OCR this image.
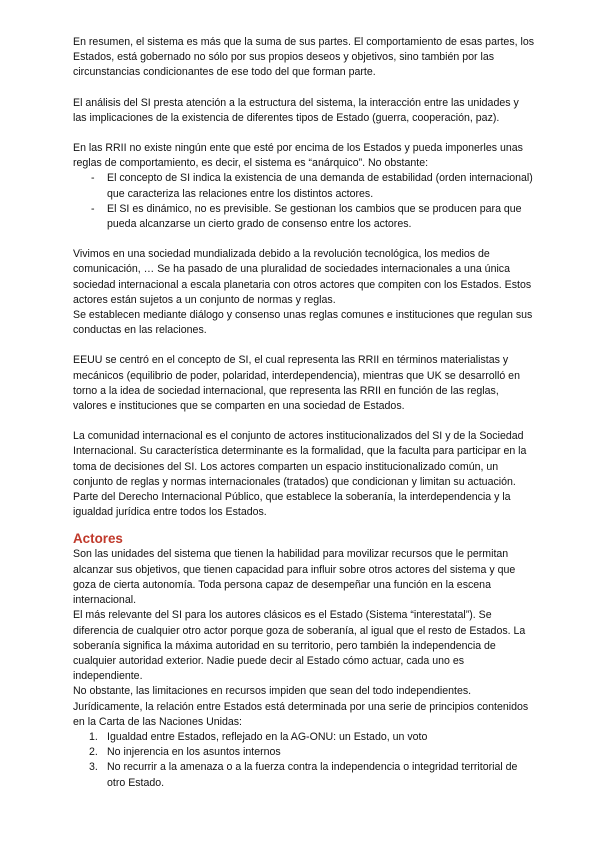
En resumen, el sistema es más que la suma de sus partes. El comportamiento de esas partes, los Estados, está gobernado no sólo por sus propios deseos y objetivos, sino también por las circunstancias condicionantes de ese todo del que forman parte.

El análisis del SI presta atención a la estructura del sistema, la interacción entre las unidades y las implicaciones de la existencia de diferentes tipos de Estado (guerra, cooperación, paz).

En las RRII no existe ningún ente que esté por encima de los Estados y pueda imponerles unas reglas de comportamiento, es decir, el sistema es “anárquico”. No obstante:

- El concepto de SI indica la existencia de una demanda de estabilidad (orden internacional) que caracteriza las relaciones entre los distintos actores.
- El SI es dinámico, no es previsible. Se gestionan los cambios que se producen para que pueda alcanzarse un cierto grado de consenso entre los actores.

Vivimos en una sociedad mundializada debido a la revolución tecnológica, los medios de comunicación, … Se ha pasado de una pluralidad de sociedades internacionales a una única sociedad internacional a escala planetaria con otros actores que compiten con los Estados. Estos actores están sujetos a un conjunto de normas y reglas.

Se establecen mediante diálogo y consenso unas reglas comunes e instituciones que regulan sus conductas en las relaciones.

EEUU se centró en el concepto de SI, el cual representa las RRII en términos materialistas y mecánicos (equilibrio de poder, polaridad, interdependencia), mientras que UK se desarrolló en torno a la idea de sociedad internacional, que representa las RRII en función de las reglas, valores e instituciones que se comparten en una sociedad de Estados.

La comunidad internacional es el conjunto de actores institucionalizados del SI y de la Sociedad Internacional. Su característica determinante es la formalidad, que la faculta para participar en la toma de decisiones del SI. Los actores comparten un espacio institucionalizado común, un conjunto de reglas y normas internacionales (tratados) que condicionan y limitan su actuación. Parte del Derecho Internacional Público, que establece la soberanía, la interdependencia y la igualdad jurídica entre todos los Estados.

Actores

Son las unidades del sistema que tienen la habilidad para movilizar recursos que le permitan alcanzar sus objetivos, que tienen capacidad para influir sobre otros actores del sistema y que goza de cierta autonomía. Toda persona capaz de desempeñar una función en la escena internacional.

El más relevante del SI para los autores clásicos es el Estado (Sistema “interestatal”). Se diferencia de cualquier otro actor porque goza de soberanía, al igual que el resto de Estados. La soberanía significa la máxima autoridad en su territorio, pero también la independencia de cualquier autoridad exterior. Nadie puede decir al Estado cómo actuar, cada uno es independiente.

No obstante, las limitaciones en recursos impiden que sean del todo independientes.

Jurídicamente, la relación entre Estados está determinada por una serie de principios contenidos en la Carta de las Naciones Unidas:

1. Igualdad entre Estados, reflejado en la AG-ONU: un Estado, un voto
2. No injerencia en los asuntos internos
3. No recurrir a la amenaza o a la fuerza contra la independencia o integridad territorial de otro Estado.
